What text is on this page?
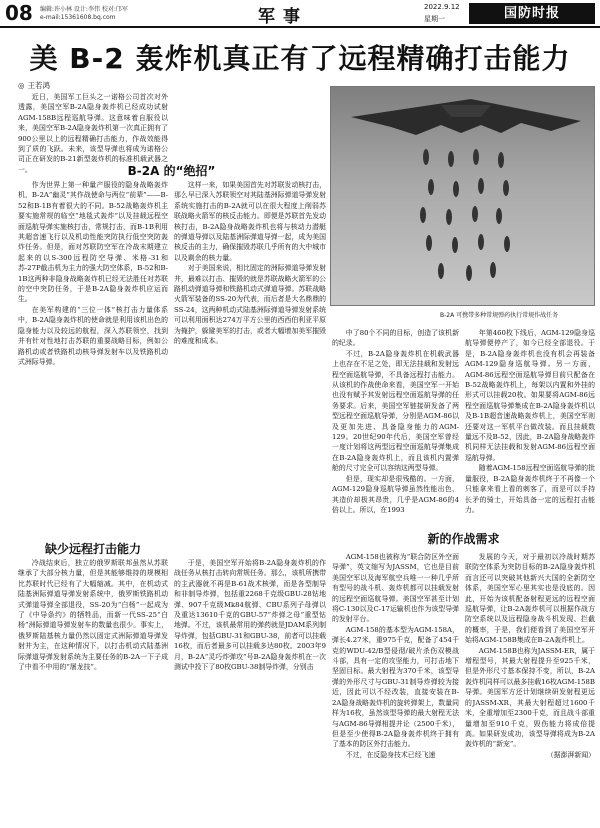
08 编辑:许小林 设计:李伟 校对:邝军
e-mail:15361608.bq.com	军事	2022.9.12
星期一	国防时报
美 B-2 轰炸机真正有了远程精确打击能力
◎ 王若鸿
B-2A 可携带多种常规弹药执行常规作战任务

近日，美国军工巨头之一诺格公司首次对外透露，美国空军B-2A隐身轰炸机已经成功试射AGM-158B远程巡航导弹。这意味着自服役以来，美国空军B-2A隐身轰炸机第一次真正拥有了900公里以上的远程精确打击能力，作战效能得到了质的飞跃。未来，该型导弹也将成为诺格公司正在研发的B-21新型轰炸机的标准机载武器之一。	B-2A 的“绝招”

作为世界上第一种量产服役的隐身战略轰炸机，B-2A“幽灵”其作战使命与两位“前辈”——B-52和B-1B有着很大的不同。B-52战略轰炸机主要实施常规的临空“地毯式轰炸”以及挂载远程空面巡航导弹实施核打击，常规打击，而B-1B利用其超音速飞行以及机动性能突防执行低空突防轰炸任务。但是，面对苏联防空军在冷战末期建立起来的以S-300远程防空导弹、米格-31和苏-27P截击机为主力的强大防空体系，B-52和B-1B这两种非隐身战略轰炸机已经无法胜任对苏联的空中突防任务，于是B-2A隐身轰炸机应运而生。

在美军构建的“三位一体”核打击力量体系中，B-2A隐身轰炸机的使命就是利用该机出色的隐身能力以及较远的航程，深入苏联领空，找到并有针对性地打击苏联的重要战略目标，例如公路机动或者铁路机动核导弹发射车以及铁路机动式洲际导弹。

这样一来，如果美国首先对苏联发动核打击，那么早已深入苏联领空对其陆基洲际弹道导弹发射系统实施打击的B-2A就可以在很大程度上削弱苏联战略火箭军的核反击能力。即便是苏联首先发动核打击，B-2A隐身战略轰炸机也将与核动力潜艇的弹道导弹以及陆基洲际弹道导弹一起，成为美国核反击的主力，确保摧毁苏联几乎所有的大中城市以及剩余的核力量。

对于美国来说，相比固定的洲际弹道导弹发射井，最难以打击、摧毁的就是苏联战略火箭军的公路机动弹道导弹和铁路机动式弹道导弹。苏联战略火箭军装备的SS-20为代表，而后者是大名鼎鼎的SS-24，这两种机动式陆基洲际弹道导弹发射系统可以利用面积达274万平方公里的西西伯利亚平原为掩护，躲避美军的打击，或者大幅增加美军摧毁的难度和成本。

缺少远程打击能力

冷战结束后，独立的俄罗斯联邦虽然从苏联继承了大部分核力量，但是其能够维持的规模相比苏联时代已经有了大幅缩减。其中，在机动式陆基洲际弹道导弹发射系统中，俄罗斯铁路机动式弹道导弹全部退役，SS-20为“白杨”一起成为了《中导条约》的牺牲品，而新一代SS-25“白杨”洲际弹道导弹发射车的数量也很少。事实上，俄罗斯陆基核力量仍然以固定式洲际弹道导弹发射井为主，在这种情况下，以打击机动式陆基洲际弹道导弹发射系统为主要任务的B-2A一下子成了中看不中用的“屠龙技”。

于是，美国空军开始将B-2A隐身轰炸机的作战任务从核打击转向常规任务。那么，该机所携带的主武器就不再是B-61战术核弹，而是各型制导和非制导炸弹，包括重2268千克级GBU-28钻地弹、907千克级Mk84航弹、CBU系列子母弹以及重达13610千克的GBU-57“炸弹之母”重型钻地弹。不过，该机最常用的弹药就是JDAM系列制导炸弹，包括GBU-31和GBU-38，前者可以挂载16枚，而后者最多可以挂载多达80枚。2003年9月，B-2A“灵巧炸弹攻”号B-2A隐身轰炸机在一次测试中投下了80枚GBU-38制导炸弹，分别击

中了80个不同的目标，创造了该机新的纪录。

不过，B-2A隐身轰炸机在机载武器上也存在不足之处，即无法挂载和发射远程空面巡航导弹，不具备远程打击能力。从该机的作战使命来看，美国空军一开始也没有赋予其发射远程空面巡航导弹的任务要求。后来，美国空军链接研发备了两型远程空面巡航导弹，分别是AGM-86以及更加先进、具备隐身能力的AGM-129。20世纪90年代后，美国空军曾经一度计划将这两型远程空面巡航导弹集成在B-2A隐身轰炸机上，而且该机内置弹舱的尺寸完全可以容纳这两型导弹。

但是，现实却是很残酷的。一方面，AGM-129隐身巡航导弹虽然性能出色，其造价却极其昂贵，几乎是AGM-86的4倍以上。所以，在1993

年第460枚下线后，AGM-129隐身巡航导弹便停产了，如今已经全部退役。于是，B-2A隐身轰炸机也没有机会再装备AGM-129隐身巡航导弹。另一方面，AGM-86远程空面巡航导弹目前只配备在B-52战略轰炸机上，每架以内置和外挂的形式可以挂载20枚。如果要将AGM-86远程空面巡航导弹集成在B-2A隐身轰炸机以及B-1B超音速战略轰炸机上，美国空军则还要对这一军机平台做改装。而且挂载数量远不及B-52，因此，B-2A隐身战略轰炸机同样无法挂载和发射AGM-86远程空面巡航导弹。

随着AGM-158远程空面巡航导弹的批量服役，B-2A隐身轰炸机终于不再像一个只能拿来看上看的刺客了，而是可以手持长矛的骑士，开始具备一定的远程打击能力。

新的作战需求

AGM-158也被称为“联合防区外空面导弹”，英文缩写为JASSM，它也是目前美国空军以及海军航空兵唯一一种几乎所有型号的战斗机、轰炸机都可以挂载发射的远程空面巡航导弹。美国空军甚至计划将C-130以及C-17运输机也作为该型导弹的发射平台。

AGM-158的基本型为AGM-158A，弹长4.27米，重975千克，配备了454千克的WDU-42/B型侵彻/破片杀伤双模战斗部，具有一定的攻坚能力，可打击地下坚固目标。最大射程为370千米，该型导弹的外形尺寸与GBU-31制导炸弹较为接近，因此可以不经改装，直接安装在B-2A隐身战略轰炸机的旋转弹架上，数量同样为16枚，虽然该型导弹的最大射程无法与AGM-86导弹相提并论（2500千米），但是至少使得B-2A隐身轰炸机终于拥有了基本的防区外打击能力。

不过，在反隐身技术已经飞速

发展的今天，对于最初以冷战时期苏联防空体系为突防目标的B-2A隐身轰炸机而言还可以突破其他新兴大国的全新防空体系，美国空军心里其实也是没底的。因此，开始为该机配备射程更远的远程空面巡航导弹，让B-2A轰炸机可以根据作战方防空系统以及远程隐身战斗机发现、拦截的概率，于是，我们便看到了美国空军开始将AGM-158B集成在B-2A轰炸机上。

AGM-158B也称为JASSM-ER，属于增程型号，其最大射程提升至925千米，但是外形尺寸基本保持不变，所以，B-2A轰炸机同样可以最多挂载16枚AGM-158B导弹。美国军方还计划继续研发射程更远的JASSM-XR，其最大射程超过1600千米，全重增加至2300千克，而且战斗部重量增加至910千克，毁伤能力将成倍提高。如果研发成功，该型导弹将成为B-2A轰炸机的“新宠”。

（据澎湃新闻）
